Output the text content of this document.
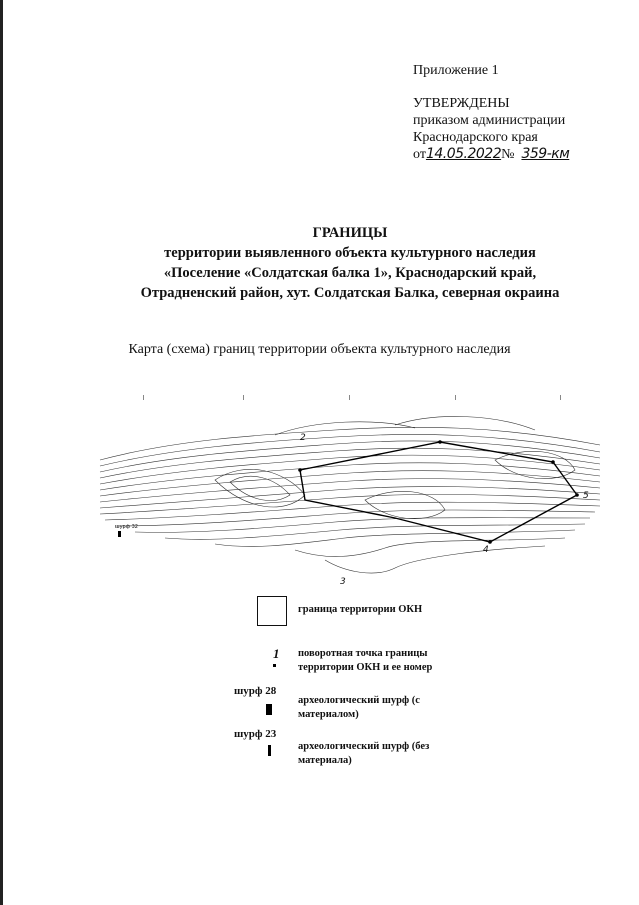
Приложение 1
УТВЕРЖДЕНЫ
приказом администрации
Краснодарского края
от14.05.2022№ 359-км
ГРАНИЦЫ
территории выявленного объекта культурного наследия
«Поселение «Солдатская балка 1», Краснодарский край,
Отрадненский район, хут. Солдатская Балка, северная окраина
Карта (схема) границ территории объекта культурного наследия
2
3
4
5
шурф 32
граница территории ОКН
1 поворотная точка границы
территории ОКН и ее номер
шурф 28
археологический шурф (с
материалом)
шурф 23
археологический шурф (без
материала)
